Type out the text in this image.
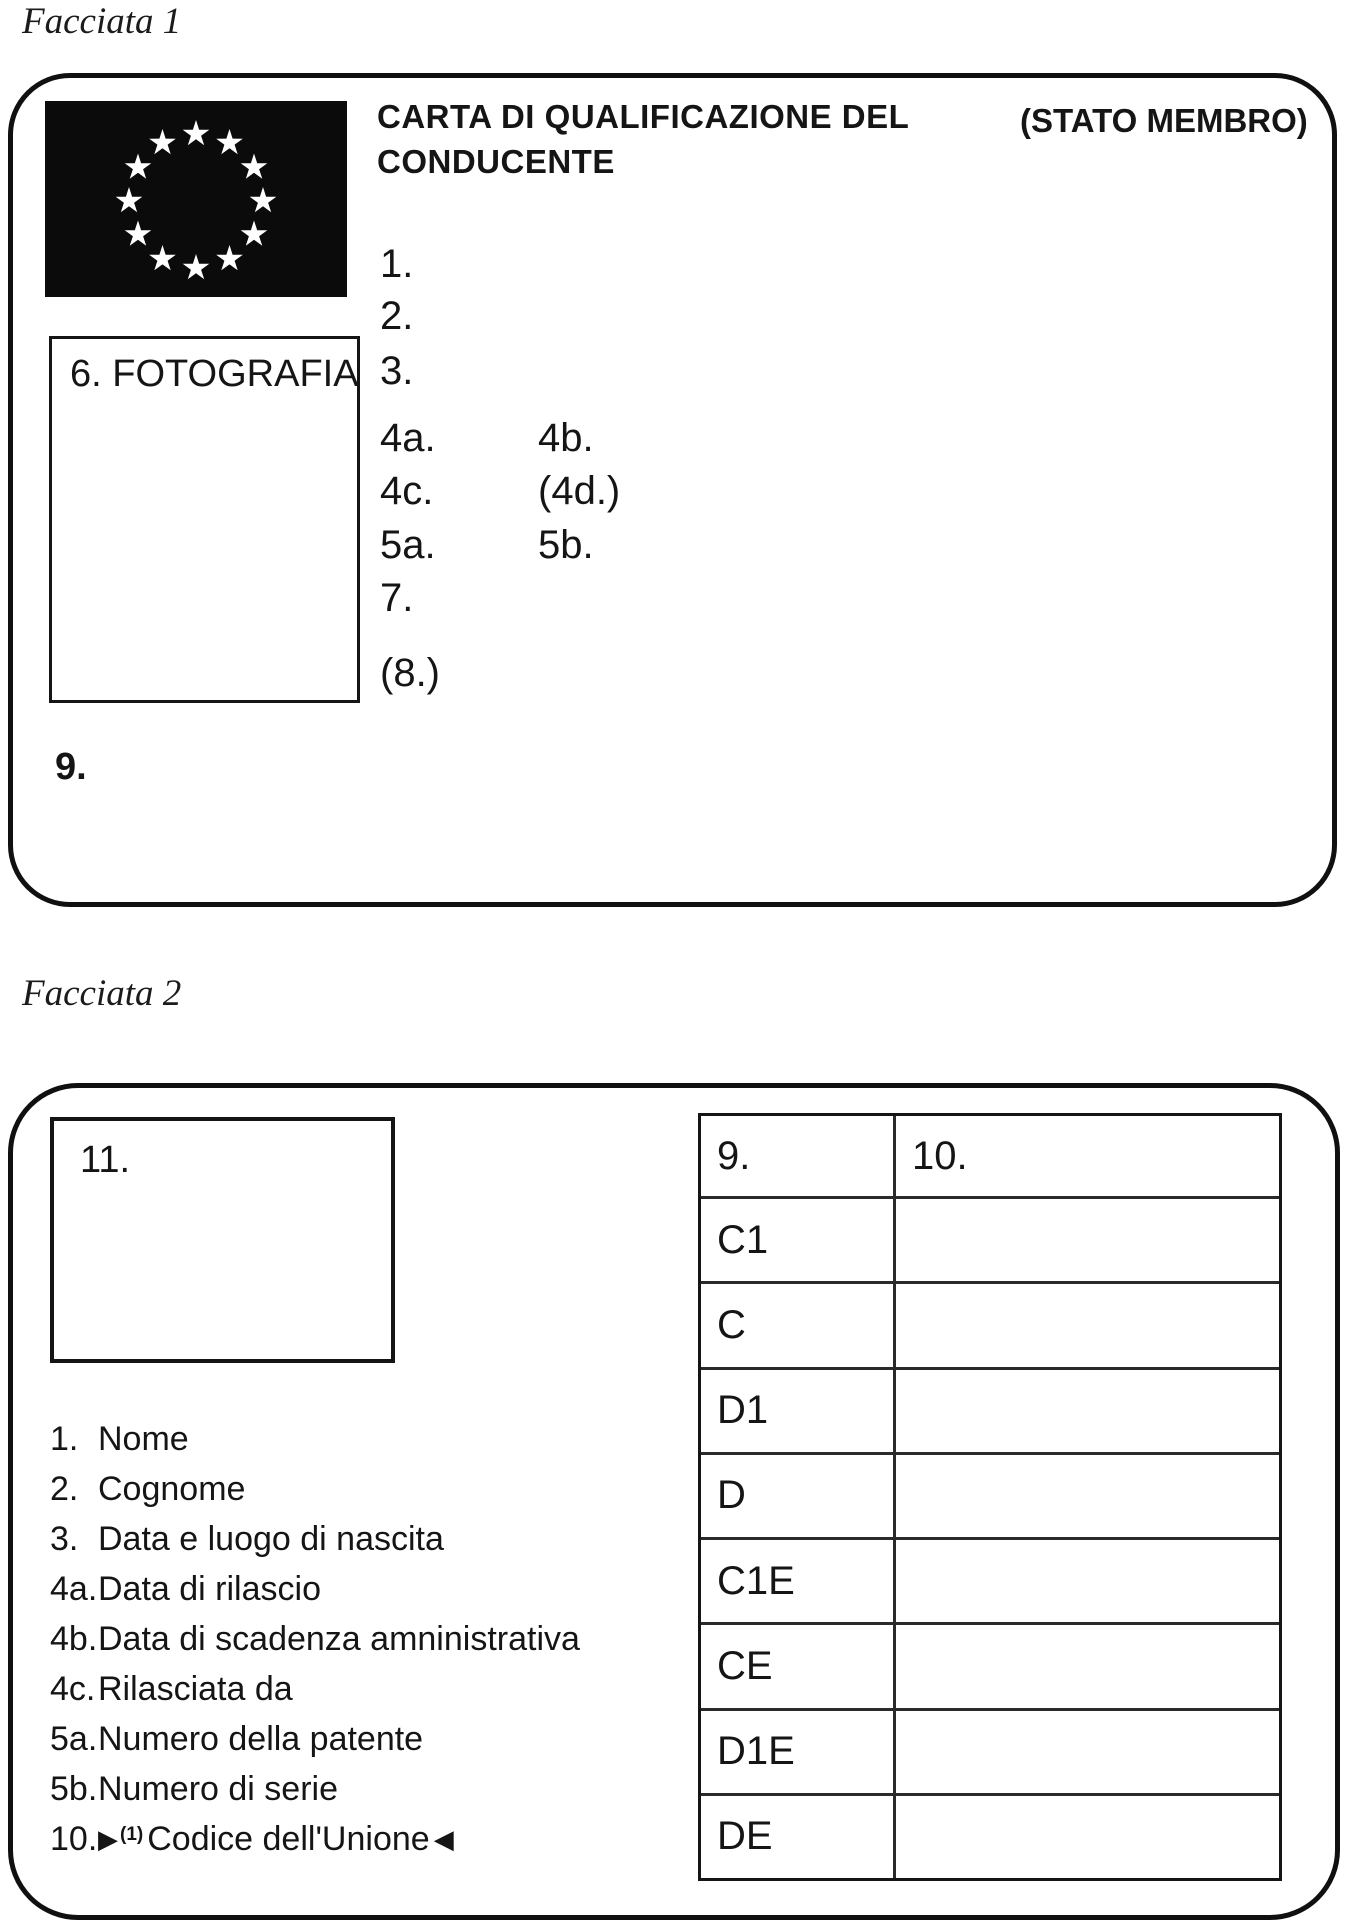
Facciata 1
Facciata 2
CARTA DI QUALIFICAZIONE DEL
CONDUCENTE
(STATO MEMBRO)
6. FOTOGRAFIA
1.
2.
3.
4a.	4b.
4c.	(4d.)
5a.	5b.
7.
(8.)
9.
11.
1. Nome
2. Cognome
3. Data e luogo di nascita
4a. Data di rilascio
4b. Data di scadenza amninistrativa
4c. Rilasciata da
5a. Numero della patente
5b. Numero di serie
10. ▶ $^{(1)}$ Codice dell'Unione ◀
9.	10.
C1
C
D1
D
C1E
CE
D1E
DE
